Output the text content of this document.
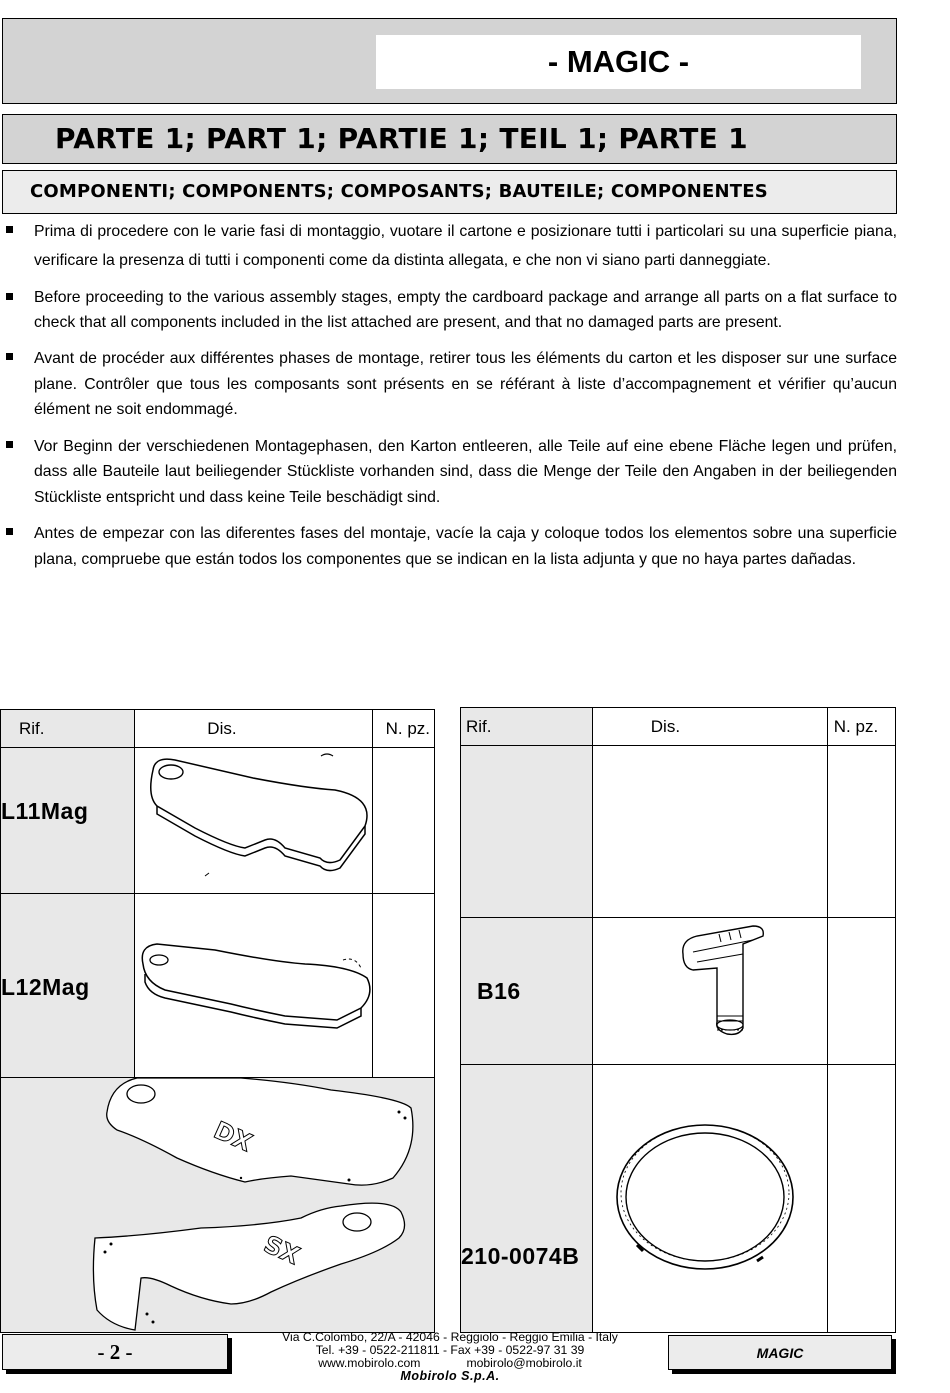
- MAGIC -
PARTE 1; PART 1; PARTIE 1; TEIL 1; PARTE 1
COMPONENTI; COMPONENTS; COMPOSANTS; BAUTEILE; COMPONENTES
Prima di procedere con le varie fasi di montaggio, vuotare il cartone e posizionare tutti i particolari su una superficie piana, verificare la presenza di tutti i componenti come da distinta allegata, e che non vi siano parti danneggiate.
Before proceeding to the various assembly stages, empty the cardboard package and arrange all parts on a flat surface to check that all components included in the list attached are present, and that no damaged parts are present.
Avant de procéder aux différentes phases de montage, retirer tous les éléments du carton et les disposer sur une surface plane. Contrôler que tous les composants sont présents en se référant à liste d’accompagnement et vérifier qu’aucun élément ne soit endommagé.
Vor Beginn der verschiedenen Montagephasen, den Karton entleeren, alle Teile auf eine ebene Fläche legen und prüfen, dass alle Bauteile laut beiliegender Stückliste vorhanden sind, dass die Menge der Teile den Angaben in der beiliegenden Stückliste entspricht und dass keine Teile beschädigt sind.
Antes de empezar con las diferentes fases del montaje, vacíe la caja y coloque todos los elementos sobre una superficie plana, compruebe que están todos los componentes que se indican en la lista adjunta y que no haya partes dañadas.
Rif.	Dis.	N. pz.
L11Mag		
L12Mag		

DX
SX		
Rif.	Dis.	N. pz.

B16		
210-0074B		
- 2 -
Via C.Colombo, 22/A - 42046 - Reggiolo - Reggio Emilia - Italy
Tel. +39 - 0522-211811 - Fax +39 - 0522-97 31 39
www.mobirolo.com	mobirolo@mobirolo.it
Mobirolo S.p.A.
MAGIC
